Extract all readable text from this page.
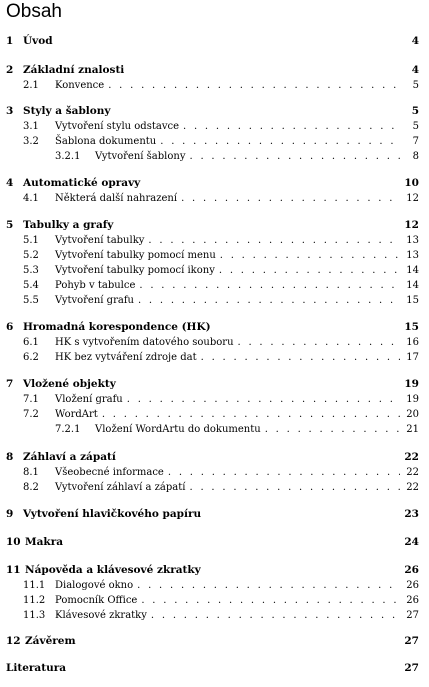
Obsah
1 Úvod	4
2 Základní znalosti	4
2.1	Konvence . . .	5
3 Styly a šablony	5
3.1	Vytvoření stylu odstavce . . .	5
3.2	Šablona dokumentu . . .	7
3.2.1	Vytvoření šablony . . .	8
4 Automatické opravy	10
4.1	Některá další nahrazení . . .	12
5 Tabulky a grafy	12
5.1	Vytvoření tabulky . . .	13
5.2	Vytvoření tabulky pomocí menu . . .	13
5.3	Vytvoření tabulky pomocí ikony . . .	14
5.4	Pohyb v tabulce . . .	14
5.5	Vytvoření grafu . . .	15
6 Hromadná korespondence (HK)	15
6.1	HK s vytvořením datového souboru . . .	16
6.2	HK bez vytváření zdroje dat . . .	17
7 Vložené objekty	19
7.1	Vložení grafu . . .	19
7.2	WordArt . . .	20
7.2.1	Vložení WordArtu do dokumentu . . .	21
8 Záhlaví a zápatí	22
8.1	Všeobecné informace . . .	22
8.2	Vytvoření záhlaví a zápatí . . .	22
9 Vytvoření hlavičkového papíru	23
10 Makra	24
11 Nápověda a klávesové zkratky	26
11.1 Dialogové okno . . .	26
11.2 Pomocník Office . . .	26
11.3 Klávesové zkratky . . .	27
12 Závěrem	27
Literatura	27
